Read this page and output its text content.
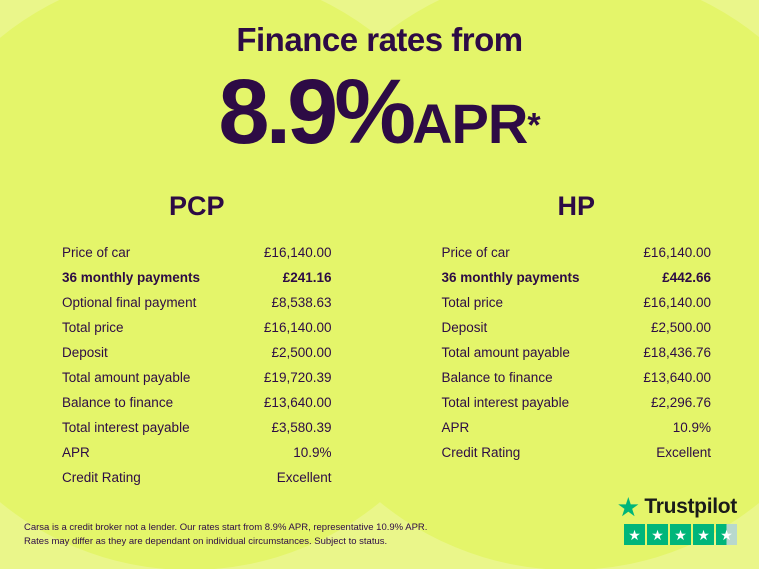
Finance rates from
8.9%APR*
PCP
Price of car	£16,140.00
36 monthly payments	£241.16
Optional final payment	£8,538.63
Total price	£16,140.00
Deposit	£2,500.00
Total amount payable	£19,720.39
Balance to finance	£13,640.00
Total interest payable	£3,580.39
APR	10.9%
Credit Rating	Excellent
HP
Price of car	£16,140.00
36 monthly payments	£442.66
Total price	£16,140.00
Deposit	£2,500.00
Total amount payable	£18,436.76
Balance to finance	£13,640.00
Total interest payable	£2,296.76
APR	10.9%
Credit Rating	Excellent
Carsa is a credit broker not a lender. Our rates start from 8.9% APR, representative 10.9% APR. Rates may differ as they are dependant on individual circumstances. Subject to status.
★ Trustpilot
★ ★ ★ ★ ★
